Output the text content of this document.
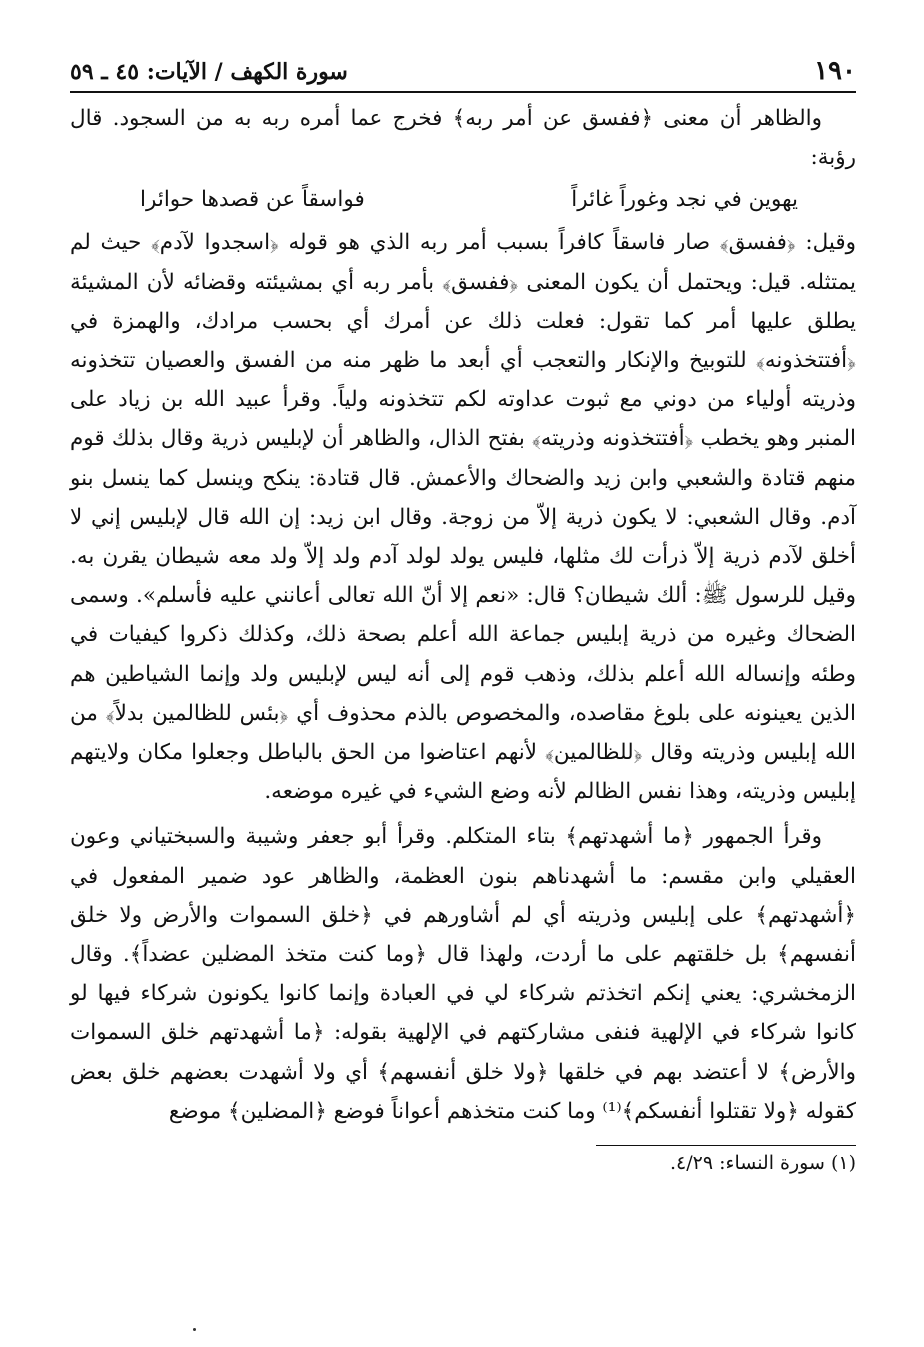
١٩٠
سورة الكهف / الآيات: ٤٥ ـ ٥٩

والظاهر أن معنى ﴿ففسق عن أمر ربه﴾ فخرج عما أمره ربه به من السجود. قال رؤبة:

يهوين في نجد وغوراً غائراً
فواسقاً عن قصدها حوائرا

وقيل: ﴿ففسق﴾ صار فاسقاً كافراً بسبب أمر ربه الذي هو قوله ﴿اسجدوا لآدم﴾ حيث لم يمتثله. قيل: ويحتمل أن يكون المعنى ﴿ففسق﴾ بأمر ربه أي بمشيئته وقضائه لأن المشيئة يطلق عليها أمر كما تقول: فعلت ذلك عن أمرك أي بحسب مرادك، والهمزة في ﴿أفتتخذونه﴾ للتوبيخ والإنكار والتعجب أي أبعد ما ظهر منه من الفسق والعصيان تتخذونه وذريته أولياء من دوني مع ثبوت عداوته لكم تتخذونه ولياً. وقرأ عبيد الله بن زياد على المنبر وهو يخطب ﴿أفتتخذونه وذريته﴾ بفتح الذال، والظاهر أن لإبليس ذرية وقال بذلك قوم منهم قتادة والشعبي وابن زيد والضحاك والأعمش. قال قتادة: ينكح وينسل كما ينسل بنو آدم. وقال الشعبي: لا يكون ذرية إلاّ من زوجة. وقال ابن زيد: إن الله قال لإبليس إني لا أخلق لآدم ذرية إلاّ ذرأت لك مثلها، فليس يولد لولد آدم ولد إلاّ ولد معه شيطان يقرن به. وقيل للرسول ﷺ: ألك شيطان؟ قال: «نعم إلا أنّ الله تعالى أعانني عليه فأسلم». وسمى الضحاك وغيره من ذرية إبليس جماعة الله أعلم بصحة ذلك، وكذلك ذكروا كيفيات في وطئه وإنساله الله أعلم بذلك، وذهب قوم إلى أنه ليس لإبليس ولد وإنما الشياطين هم الذين يعينونه على بلوغ مقاصده، والمخصوص بالذم محذوف أي ﴿بئس للظالمين بدلاً﴾ من الله إبليس وذريته وقال ﴿للظالمين﴾ لأنهم اعتاضوا من الحق بالباطل وجعلوا مكان ولايتهم إبليس وذريته، وهذا نفس الظالم لأنه وضع الشيء في غيره موضعه.

وقرأ الجمهور ﴿ما أشهدتهم﴾ بتاء المتكلم. وقرأ أبو جعفر وشيبة والسبختياني وعون العقيلي وابن مقسم: ما أشهدناهم بنون العظمة، والظاهر عود ضمير المفعول في ﴿أشهدتهم﴾ على إبليس وذريته أي لم أشاورهم في ﴿خلق السموات والأرض ولا خلق أنفسهم﴾ بل خلقتهم على ما أردت، ولهذا قال ﴿وما كنت متخذ المضلين عضداً﴾. وقال الزمخشري: يعني إنكم اتخذتم شركاء لي في العبادة وإنما كانوا يكونون شركاء فيها لو كانوا شركاء في الإلهية فنفى مشاركتهم في الإلهية بقوله: ﴿ما أشهدتهم خلق السموات والأرض﴾ لا أعتضد بهم في خلقها ﴿ولا خلق أنفسهم﴾ أي ولا أشهدت بعضهم خلق بعض كقوله ﴿ولا تقتلوا أنفسكم﴾⁽¹⁾ وما كنت متخذهم أعواناً فوضع ﴿المضلين﴾ موضع

(١) سورة النساء: ٤/٢٩.
